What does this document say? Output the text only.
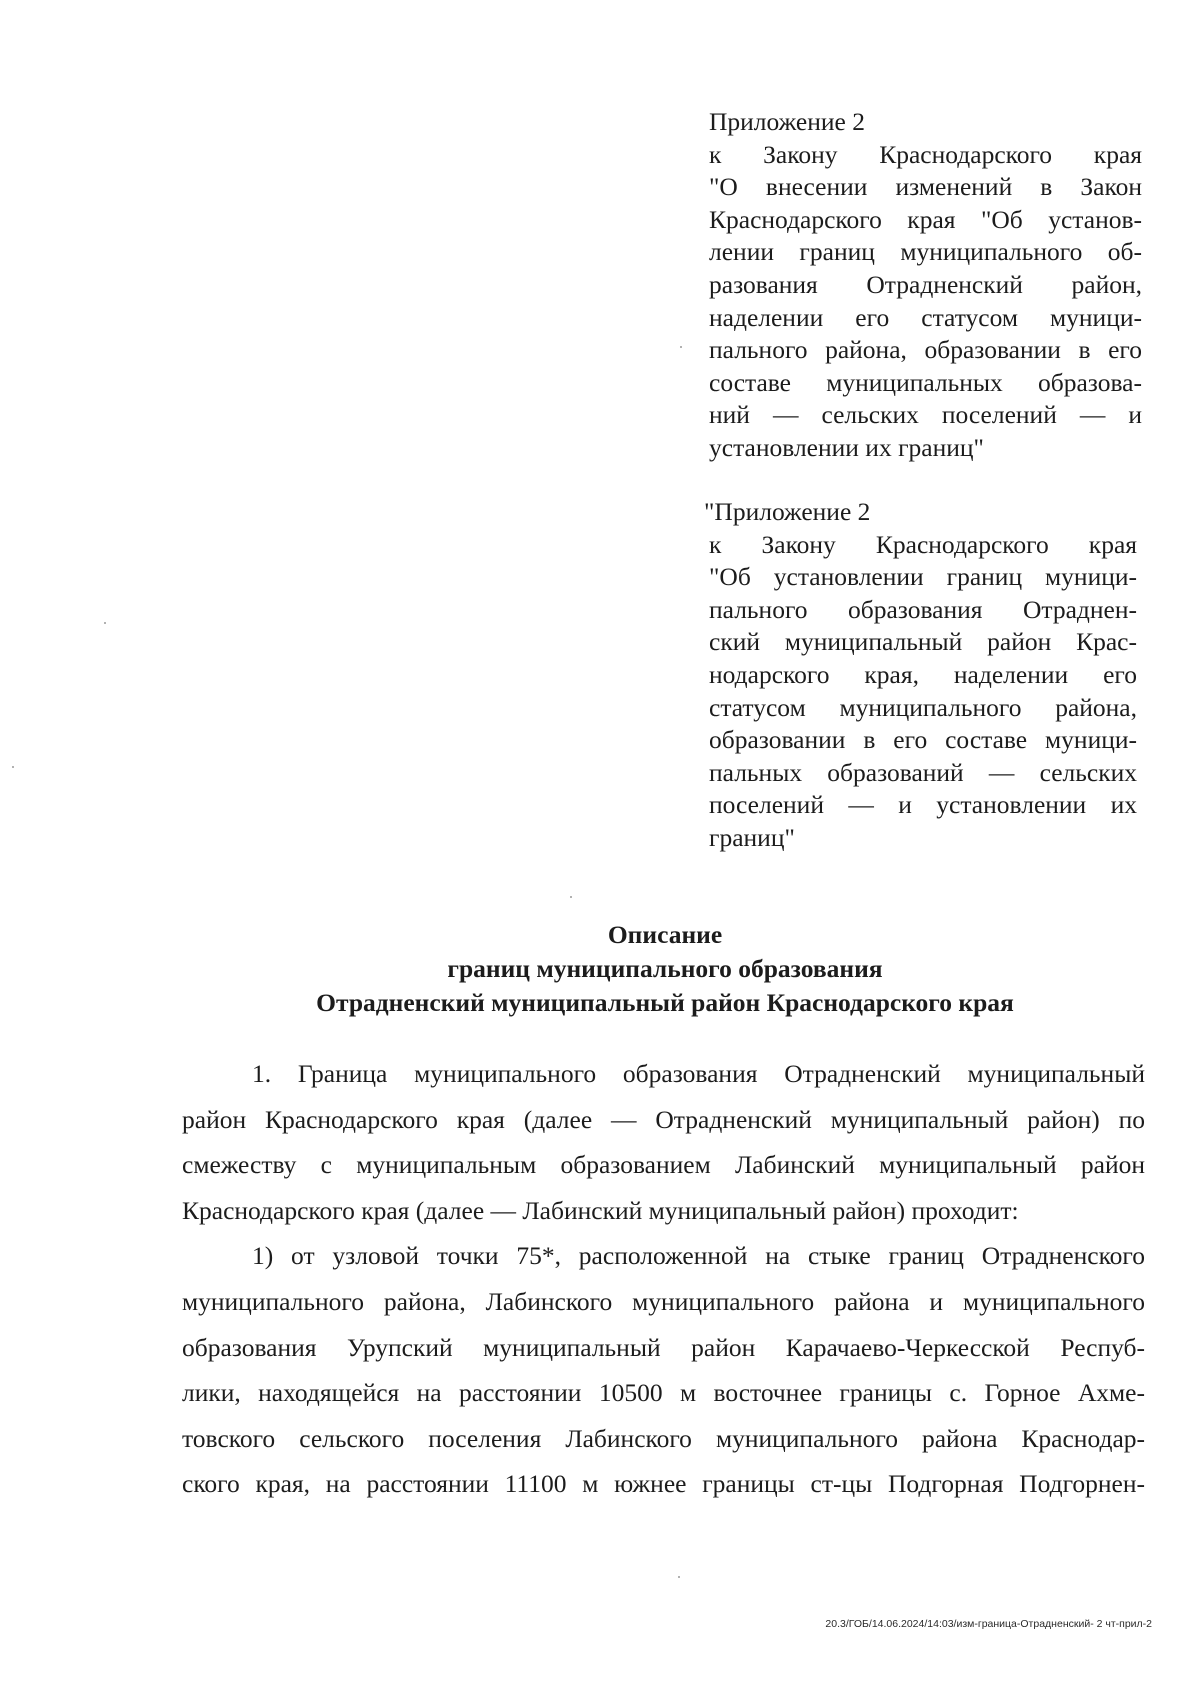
Приложение 2
к Закону Краснодарского края
"О внесении изменений в Закон
Краснодарского края "Об установ-
лении границ муниципального об-
разования Отрадненский район,
наделении его статусом муници-
пального района, образовании в его
составе муниципальных образова-
ний — сельских поселений — и
установлении их границ"
"Приложение 2
к Закону Краснодарского края
"Об установлении границ муници-
пального образования Отраднен-
ский муниципальный район Крас-
нодарского края, наделении его
статусом муниципального района,
образовании в его составе муници-
пальных образований — сельских
поселений — и установлении их
границ"
Описание
границ муниципального образования
Отрадненский муниципальный район Краснодарского края
1. Граница муниципального образования Отрадненский муниципальный
район Краснодарского края (далее — Отрадненский муниципальный район) по
смежеству с муниципальным образованием Лабинский муниципальный район
Краснодарского края (далее — Лабинский муниципальный район) проходит:
1) от узловой точки 75*, расположенной на стыке границ Отрадненского
муниципального района, Лабинского муниципального района и муниципального
образования Урупский муниципальный район Карачаево-Черкесской Респуб-
лики, находящейся на расстоянии 10500 м восточнее границы с. Горное Ахме-
товского сельского поселения Лабинского муниципального района Краснодар-
ского края, на расстоянии 11100 м южнее границы ст-цы Подгорная Подгорнен-
20.3/ГОБ/14.06.2024/14:03/изм-граница-Отрадненский- 2 чт-прил-2
